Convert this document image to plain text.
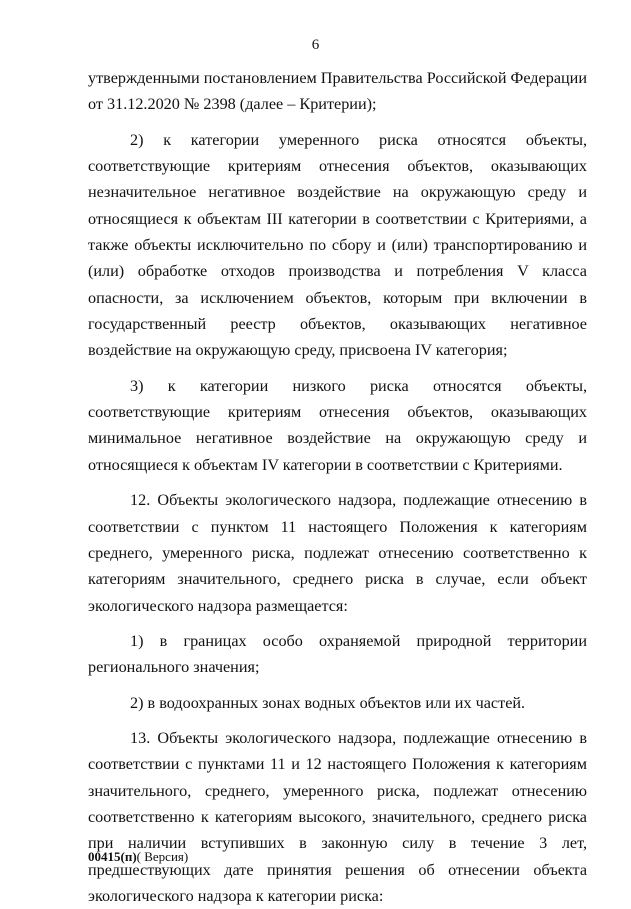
6

утвержденными постановлением Правительства Российской Федерации от 31.12.2020 № 2398 (далее – Критерии);

2) к категории умеренного риска относятся объекты, соответствующие критериям отнесения объектов, оказывающих незначительное негативное воздействие на окружающую среду и относящиеся к объектам III категории в соответствии с Критериями, а также объекты исключительно по сбору и (или) транспортированию и (или) обработке отходов производства и потребления V класса опасности, за исключением объектов, которым при включении в государственный реестр объектов, оказывающих негативное воздействие на окружающую среду, присвоена IV категория;

3) к категории низкого риска относятся объекты, соответствующие критериям отнесения объектов, оказывающих минимальное негативное воздействие на окружающую среду и относящиеся к объектам IV категории в соответствии с Критериями.

12. Объекты экологического надзора, подлежащие отнесению в соответствии с пунктом 11 настоящего Положения к категориям среднего, умеренного риска, подлежат отнесению соответственно к категориям значительного, среднего риска в случае, если объект экологического надзора размещается:

1) в границах особо охраняемой природной территории регионального значения;

2) в водоохранных зонах водных объектов или их частей.

13. Объекты экологического надзора, подлежащие отнесению в соответствии с пунктами 11 и 12 настоящего Положения к категориям значительного, среднего, умеренного риска, подлежат отнесению соответственно к категориям высокого, значительного, среднего риска при наличии вступивших в законную силу в течение 3 лет, предшествующих дате принятия решения об отнесении объекта экологического надзора к категории риска:

00415(п)( Версия)
